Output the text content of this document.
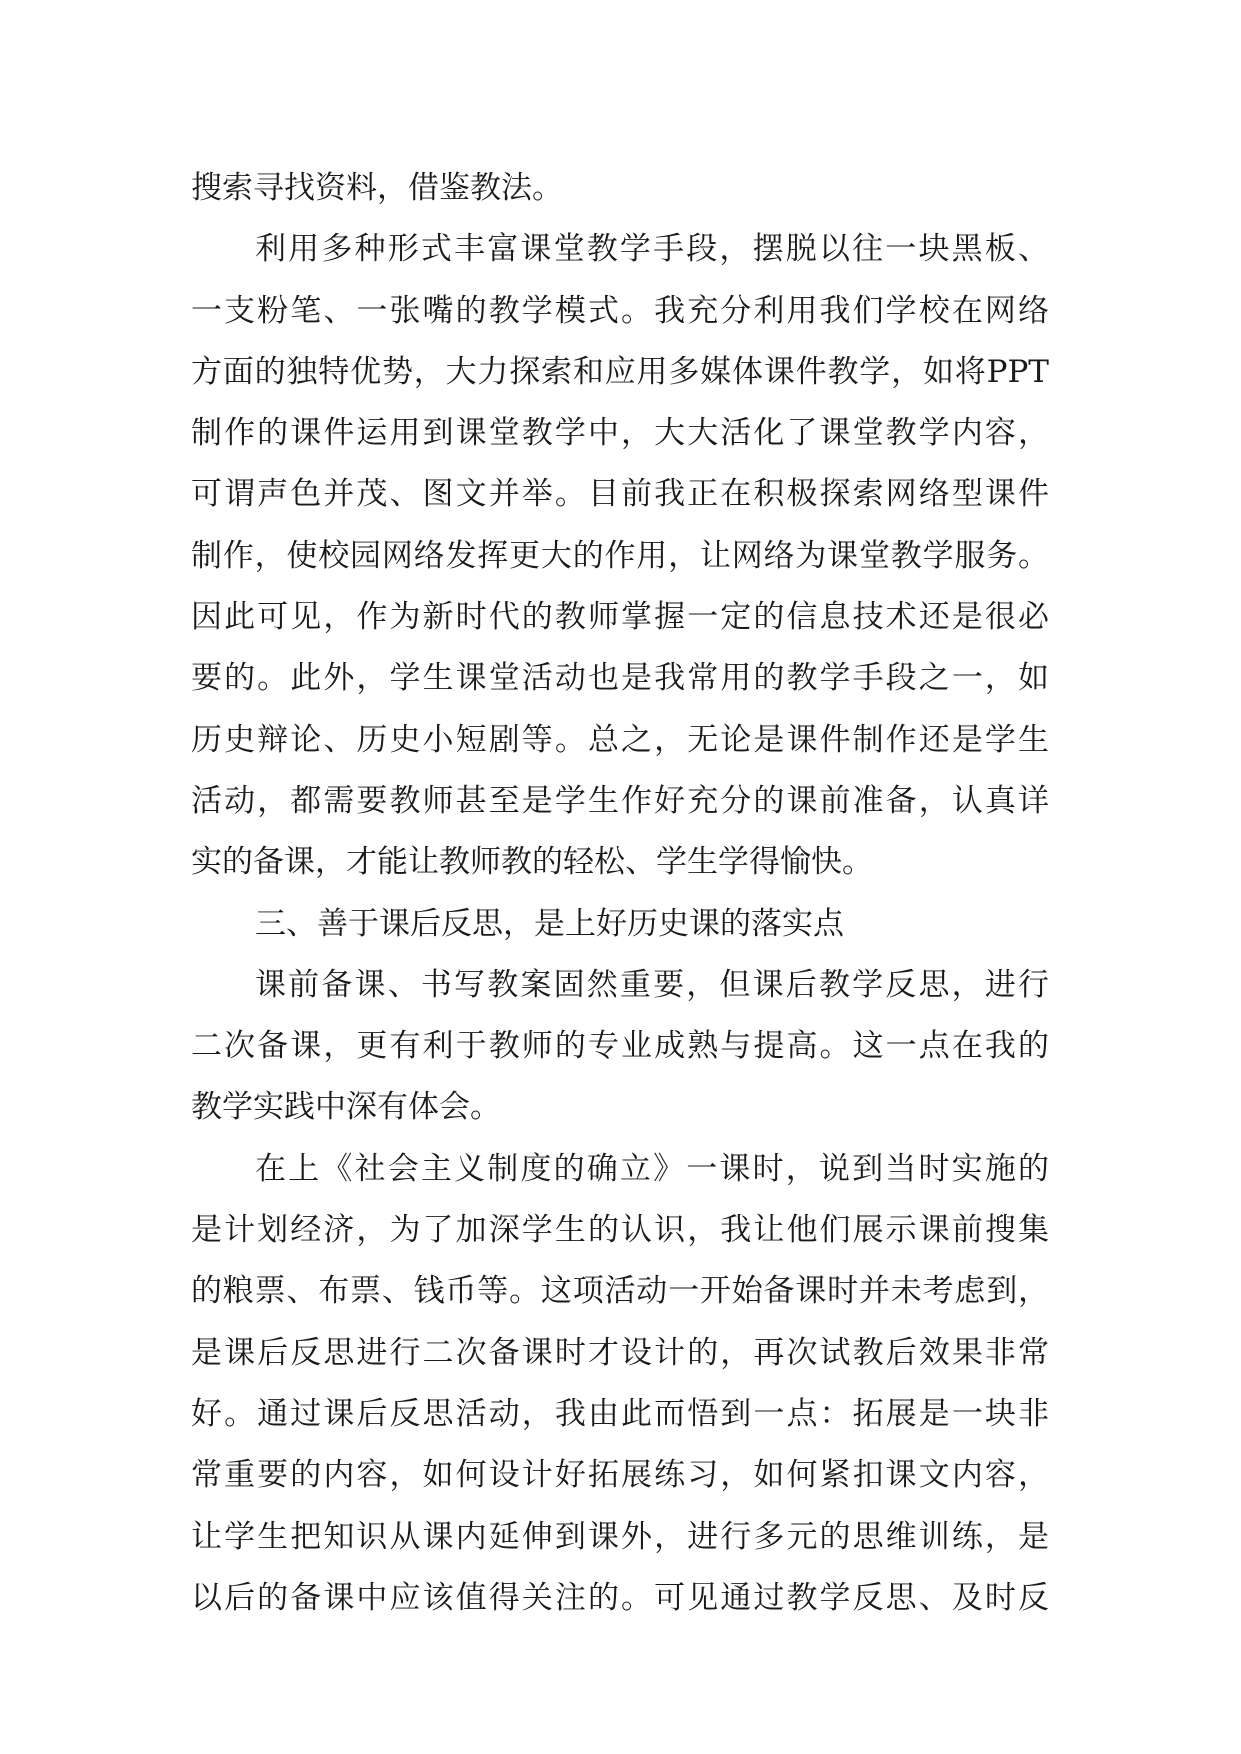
搜索寻找资料，借鉴教法。
利用多种形式丰富课堂教学手段，摆脱以往一块黑板、
一支粉笔、一张嘴的教学模式。我充分利用我们学校在网络
方面的独特优势，大力探索和应用多媒体课件教学，如将PPT
制作的课件运用到课堂教学中，大大活化了课堂教学内容，
可谓声色并茂、图文并举。目前我正在积极探索网络型课件
制作，使校园网络发挥更大的作用，让网络为课堂教学服务。
因此可见，作为新时代的教师掌握一定的信息技术还是很必
要的。此外，学生课堂活动也是我常用的教学手段之一，如
历史辩论、历史小短剧等。总之，无论是课件制作还是学生
活动，都需要教师甚至是学生作好充分的课前准备，认真详
实的备课，才能让教师教的轻松、学生学得愉快。
三、善于课后反思，是上好历史课的落实点
课前备课、书写教案固然重要，但课后教学反思，进行
二次备课，更有利于教师的专业成熟与提高。这一点在我的
教学实践中深有体会。
在上《社会主义制度的确立》一课时，说到当时实施的
是计划经济，为了加深学生的认识，我让他们展示课前搜集
的粮票、布票、钱币等。这项活动一开始备课时并未考虑到，
是课后反思进行二次备课时才设计的，再次试教后效果非常
好。通过课后反思活动，我由此而悟到一点：拓展是一块非
常重要的内容，如何设计好拓展练习，如何紧扣课文内容，
让学生把知识从课内延伸到课外，进行多元的思维训练，是
以后的备课中应该值得关注的。可见通过教学反思、及时反
